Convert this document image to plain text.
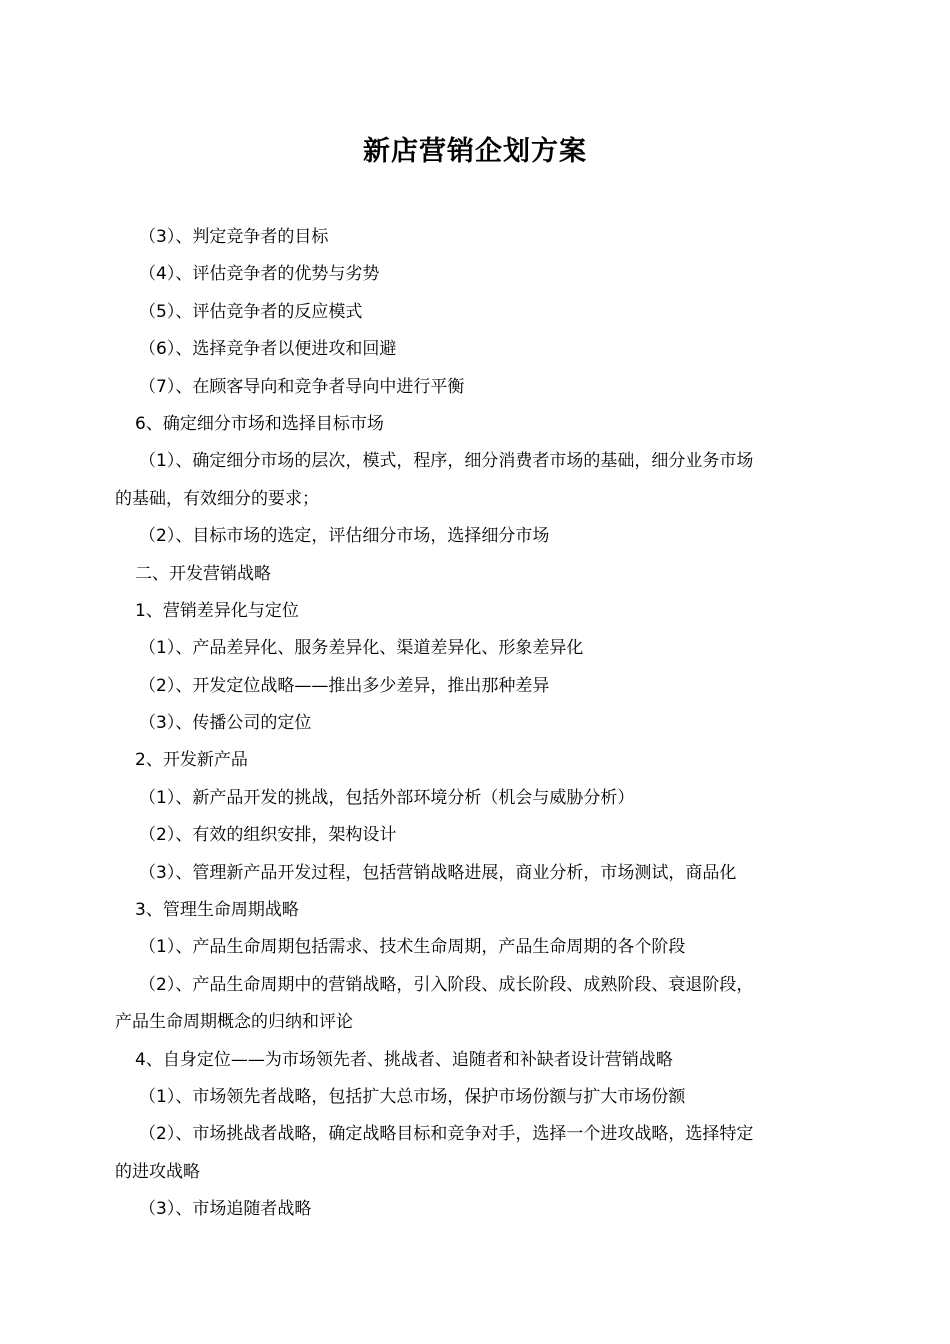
新店营销企划方案
（3）、判定竞争者的目标
（4）、评估竞争者的优势与劣势
（5）、评估竞争者的反应模式
（6）、选择竞争者以便进攻和回避
（7）、在顾客导向和竞争者导向中进行平衡
6、确定细分市场和选择目标市场
（1）、确定细分市场的层次，模式，程序，细分消费者市场的基础，细分业务市场
的基础，有效细分的要求；
（2）、目标市场的选定，评估细分市场，选择细分市场
二、开发营销战略
1、营销差异化与定位
（1）、产品差异化、服务差异化、渠道差异化、形象差异化
（2）、开发定位战略——推出多少差异，推出那种差异
（3）、传播公司的定位
2、开发新产品
（1）、新产品开发的挑战，包括外部环境分析（机会与威胁分析）
（2）、有效的组织安排，架构设计
（3）、管理新产品开发过程，包括营销战略进展，商业分析，市场测试，商品化
3、管理生命周期战略
（1）、产品生命周期包括需求、技术生命周期，产品生命周期的各个阶段
（2）、产品生命周期中的营销战略，引入阶段、成长阶段、成熟阶段、衰退阶段，
产品生命周期概念的归纳和评论
4、自身定位——为市场领先者、挑战者、追随者和补缺者设计营销战略
（1）、市场领先者战略，包括扩大总市场，保护市场份额与扩大市场份额
（2）、市场挑战者战略，确定战略目标和竞争对手，选择一个进攻战略，选择特定
的进攻战略
（3）、市场追随者战略
